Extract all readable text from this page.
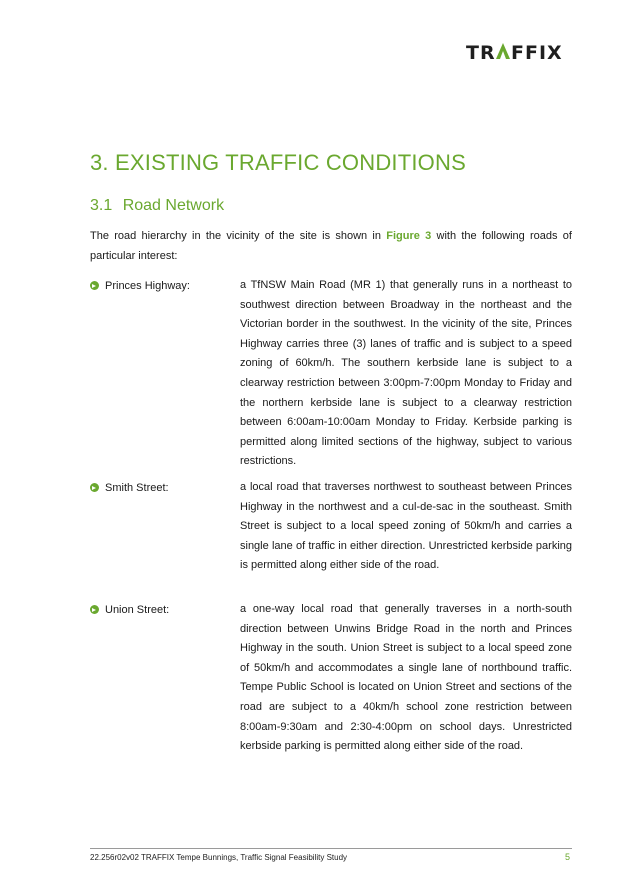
TR FFIX
3. EXISTING TRAFFIC CONDITIONS
3.1 Road Network

The road hierarchy in the vicinity of the site is shown in Figure 3 with the following roads of particular interest:

Princes Highway:	a TfNSW Main Road (MR 1) that generally runs in a northeast to southwest direction between Broadway in the northeast and the Victorian border in the southwest. In the vicinity of the site, Princes Highway carries three (3) lanes of traffic and is subject to a speed zoning of 60km/h. The southern kerbside lane is subject to a clearway restriction between 3:00pm-7:00pm Monday to Friday and the northern kerbside lane is subject to a clearway restriction between 6:00am-10:00am Monday to Friday. Kerbside parking is permitted along limited sections of the highway, subject to various restrictions.

Smith Street:	a local road that traverses northwest to southeast between Princes Highway in the northwest and a cul-de-sac in the southeast. Smith Street is subject to a local speed zoning of 50km/h and carries a single lane of traffic in either direction. Unrestricted kerbside parking is permitted along either side of the road.

Union Street:	a one-way local road that generally traverses in a north-south direction between Unwins Bridge Road in the north and Princes Highway in the south. Union Street is subject to a local speed zone of 50km/h and accommodates a single lane of northbound traffic. Tempe Public School is located on Union Street and sections of the road are subject to a 40km/h school zone restriction between 8:00am-9:30am and 2:30-4:00pm on school days. Unrestricted kerbside parking is permitted along either side of the road.

22.256r02v02 TRAFFIX Tempe Bunnings, Traffic Signal Feasibility Study	5
